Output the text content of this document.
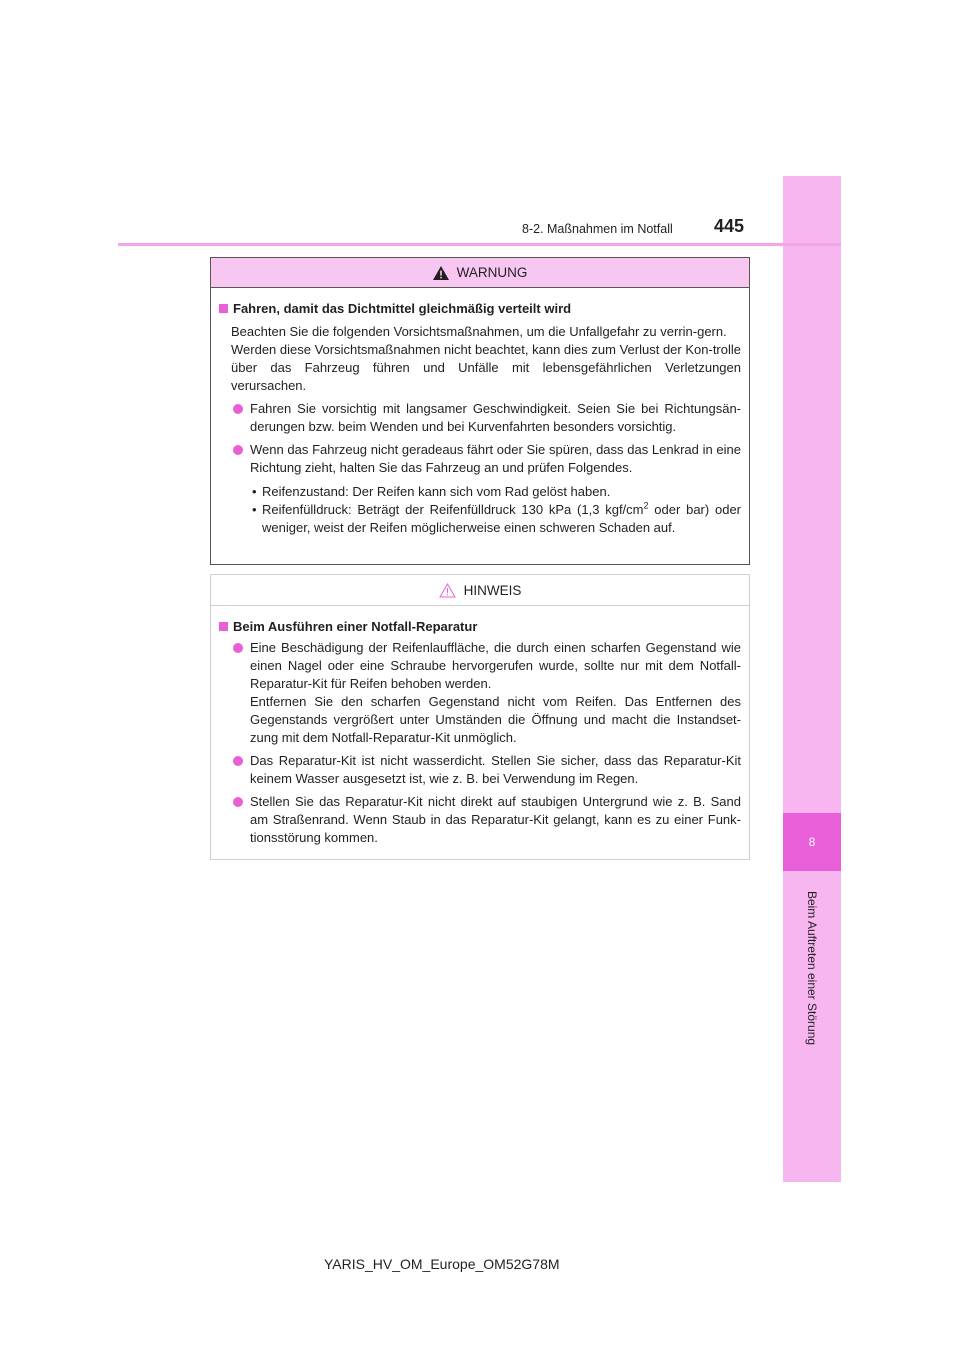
8
Beim Auftreten einer Störung
8-2. Maßnahmen im Notfall 445
WARNUNG

Fahren, damit das Dichtmittel gleichmäßig verteilt wird

Beachten Sie die folgenden Vorsichtsmaßnahmen, um die Unfallgefahr zu verrin-gern.

Werden diese Vorsichtsmaßnahmen nicht beachtet, kann dies zum Verlust der Kon-trolle über das Fahrzeug führen und Unfälle mit lebensgefährlichen Verletzungen verursachen.

Fahren Sie vorsichtig mit langsamer Geschwindigkeit. Seien Sie bei Richtungsän-derungen bzw. beim Wenden und bei Kurvenfahrten besonders vorsichtig.

Wenn das Fahrzeug nicht geradeaus fährt oder Sie spüren, dass das Lenkrad in eine Richtung zieht, halten Sie das Fahrzeug an und prüfen Folgendes.

• Reifenzustand: Der Reifen kann sich vom Rad gelöst haben.

• Reifenfülldruck: Beträgt der Reifenfülldruck 130 kPa (1,3 kgf/$cm^2$ oder bar) oder weniger, weist der Reifen möglicherweise einen schweren Schaden auf.

HINWEIS

Beim Ausführen einer Notfall-Reparatur

Eine Beschädigung der Reifenlauffläche, die durch einen scharfen Gegenstand wie einen Nagel oder eine Schraube hervorgerufen wurde, sollte nur mit dem Notfall-Reparatur-Kit für Reifen behoben werden.

Entfernen Sie den scharfen Gegenstand nicht vom Reifen. Das Entfernen des Gegenstands vergrößert unter Umständen die Öffnung und macht die Instandset-zung mit dem Notfall-Reparatur-Kit unmöglich.

Das Reparatur-Kit ist nicht wasserdicht. Stellen Sie sicher, dass das Reparatur-Kit keinem Wasser ausgesetzt ist, wie z. B. bei Verwendung im Regen.

Stellen Sie das Reparatur-Kit nicht direkt auf staubigen Untergrund wie z. B. Sand am Straßenrand. Wenn Staub in das Reparatur-Kit gelangt, kann es zu einer Funk-tionsstörung kommen.

YARIS_HV_OM_Europe_OM52G78M
